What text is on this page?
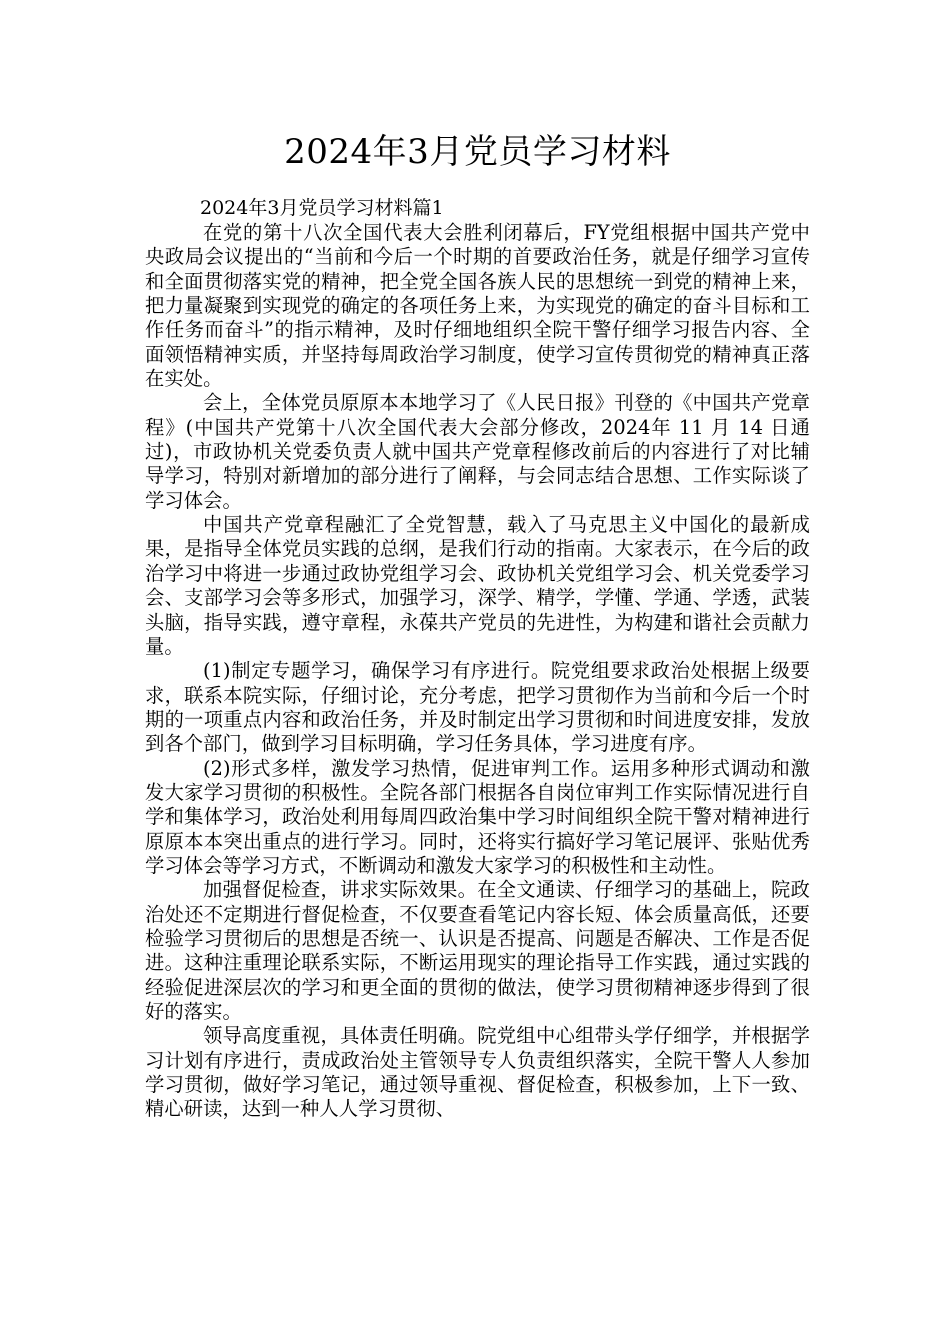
2024年3月党员学习材料
2024年3月党员学习材料篇1

在党的第十八次全国代表大会胜利闭幕后，FY党组根据中国共产党中央政局会议提出的“当前和今后一个时期的首要政治任务，就是仔细学习宣传和全面贯彻落实党的精神，把全党全国各族人民的思想统一到党的精神上来，把力量凝聚到实现党的确定的各项任务上来，为实现党的确定的奋斗目标和工作任务而奋斗”的指示精神，及时仔细地组织全院干警仔细学习报告内容、全面领悟精神实质，并坚持每周政治学习制度，使学习宣传贯彻党的精神真正落在实处。

会上，全体党员原原本本地学习了《人民日报》刊登的《中国共产党章程》(中国共产党第十八次全国代表大会部分修改，2024年 11 月 14 日通过)，市政协机关党委负责人就中国共产党章程修改前后的内容进行了对比辅导学习，特别对新增加的部分进行了阐释，与会同志结合思想、工作实际谈了学习体会。

中国共产党章程融汇了全党智慧，载入了马克思主义中国化的最新成果，是指导全体党员实践的总纲，是我们行动的指南。大家表示，在今后的政治学习中将进一步通过政协党组学习会、政协机关党组学习会、机关党委学习会、支部学习会等多形式，加强学习，深学、精学，学懂、学通、学透，武装头脑，指导实践，遵守章程，永葆共产党员的先进性，为构建和谐社会贡献力量。

(1)制定专题学习，确保学习有序进行。院党组要求政治处根据上级要求，联系本院实际，仔细讨论，充分考虑，把学习贯彻作为当前和今后一个时期的一项重点内容和政治任务，并及时制定出学习贯彻和时间进度安排，发放到各个部门，做到学习目标明确，学习任务具体，学习进度有序。

(2)形式多样，激发学习热情，促进审判工作。运用多种形式调动和激发大家学习贯彻的积极性。全院各部门根据各自岗位审判工作实际情况进行自学和集体学习，政治处利用每周四政治集中学习时间组织全院干警对精神进行原原本本突出重点的进行学习。同时，还将实行搞好学习笔记展评、张贴优秀学习体会等学习方式，不断调动和激发大家学习的积极性和主动性。

加强督促检查，讲求实际效果。在全文通读、仔细学习的基础上，院政治处还不定期进行督促检查，不仅要查看笔记内容长短、体会质量高低，还要检验学习贯彻后的思想是否统一、认识是否提高、问题是否解决、工作是否促进。这种注重理论联系实际，不断运用现实的理论指导工作实践，通过实践的经验促进深层次的学习和更全面的贯彻的做法，使学习贯彻精神逐步得到了很好的落实。

领导高度重视，具体责任明确。院党组中心组带头学仔细学，并根据学习计划有序进行，责成政治处主管领导专人负责组织落实，全院干警人人参加学习贯彻，做好学习笔记，通过领导重视、督促检查，积极参加，上下一致、精心研读，达到一种人人学习贯彻、
